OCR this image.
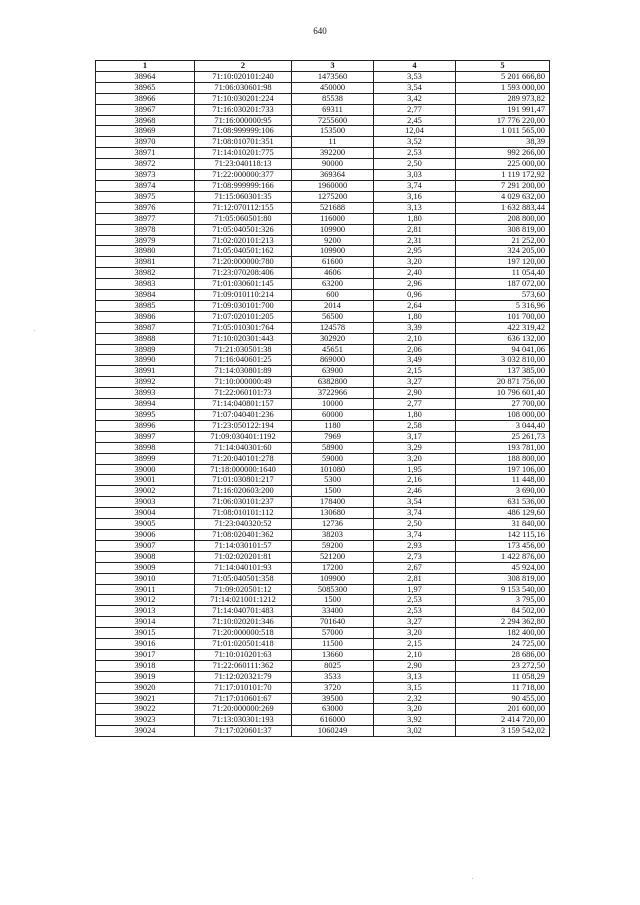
640
1	2	3	4	5
38964	71:10:020101:240	1473560	3,53	5 201 666,80
38965	71:06:030601:98	450000	3,54	1 593 000,00
38966	71:10:030201:224	85538	3,42	289 973,82
38967	71:16:030201:733	69311	2,77	191 991,47
38968	71:16:000000:95	7255600	2,45	17 776 220,00
38969	71:08:999999:106	153500	12,04	1 011 565,00
38970	71:08:010701:351	11	3,52	38,39
38971	71:14:010201:775	392200	2,53	992 266,00
38972	71:23:040118:13	90000	2,50	225 000,00
38973	71:22:000000:377	369364	3,03	1 119 172,92
38974	71:08:999999:166	1960000	3,74	7 291 200,00
38975	71:15:060301:35	1275200	3,16	4 029 632,00
38976	71:12:070112:155	521688	3,13	1 632 883,44
38977	71:05:060501:80	116000	1,80	208 800,00
38978	71:05:040501:326	109900	2,81	308 819,00
38979	71:02:020101:213	9200	2,31	21 252,00
38980	71:05:040501:162	109900	2,95	324 205,00
38981	71:20:000000:780	61600	3,20	197 120,00
38982	71:23:070208:406	4606	2,40	11 054,40
38983	71:01:030601:145	63200	2,96	187 072,00
38984	71:09:010110:214	600	0,96	573,60
38985	71:09:030101:700	2014	2,64	5 316,96
38986	71:07:020101:205	56500	1,80	101 700,00
38987	71:05:010301:764	124578	3,39	422 319,42
38988	71:10:020301:443	302920	2,10	636 132,00
38989	71:21:030501:38	45651	2,06	94 041,06
38990	71:16:040601:25	869000	3,49	3 032 810,00
38991	71:14:030801:89	63900	2,15	137 385,00
38992	71:10:000000:49	6382800	3,27	20 871 756,00
38993	71:22:060101:73	3722966	2,90	10 796 601,40
38994	71:14:040801:157	10000	2,77	27 700,00
38995	71:07:040401:236	60000	1,80	108 000,00
38996	71:23:050122:194	1180	2,58	3 044,40
38997	71:09:030401:1192	7969	3,17	25 261,73
38998	71:14:040301:60	58900	3,29	193 781,00
38999	71:20:040101:278	59000	3,20	188 800,00
39000	71:18:000000:1640	101080	1,95	197 106,00
39001	71:01:030801:217	5300	2,16	11 448,00
39002	71:16:020603:200	1500	2,46	3 690,00
39003	71:06:030101:237	178400	3,54	631 536,00
39004	71:08:010101:112	130680	3,74	486 129,60
39005	71:23:040320:52	12736	2,50	31 840,00
39006	71:08:020401:362	38203	3,74	142 115,16
39007	71:14:030101:57	59200	2,93	173 456,00
39008	71:02:020201:81	521200	2,73	1 422 876,00
39009	71:14:040101:93	17200	2,67	45 924,00
39010	71:05:040501:358	109900	2,81	308 819,00
39011	71:09:020501:12	5085300	1,97	9 153 540,00
39012	71:14:021001:1212	1500	2,53	3 795,00
39013	71:14:040701:483	33400	2,53	84 502,00
39014	71:10:020201:346	701640	3,27	2 294 362,80
39015	71:20:000000:518	57000	3,20	182 400,00
39016	71:01:020501:418	11500	2,15	24 725,00
39017	71:10:010201:63	13660	2,10	28 686,00
39018	71:22:060111:362	8025	2,90	23 272,50
39019	71:12:020321:79	3533	3,13	11 058,29
39020	71:17:010101:70	3720	3,15	11 718,00
39021	71:17:010601:67	39500	2,32	90 455,00
39022	71:20:000000:269	63000	3,20	201 600,00
39023	71:13:030301:193	616000	3,92	2 414 720,00
39024	71:17:020601:37	1060249	3,02	3 159 542,02
